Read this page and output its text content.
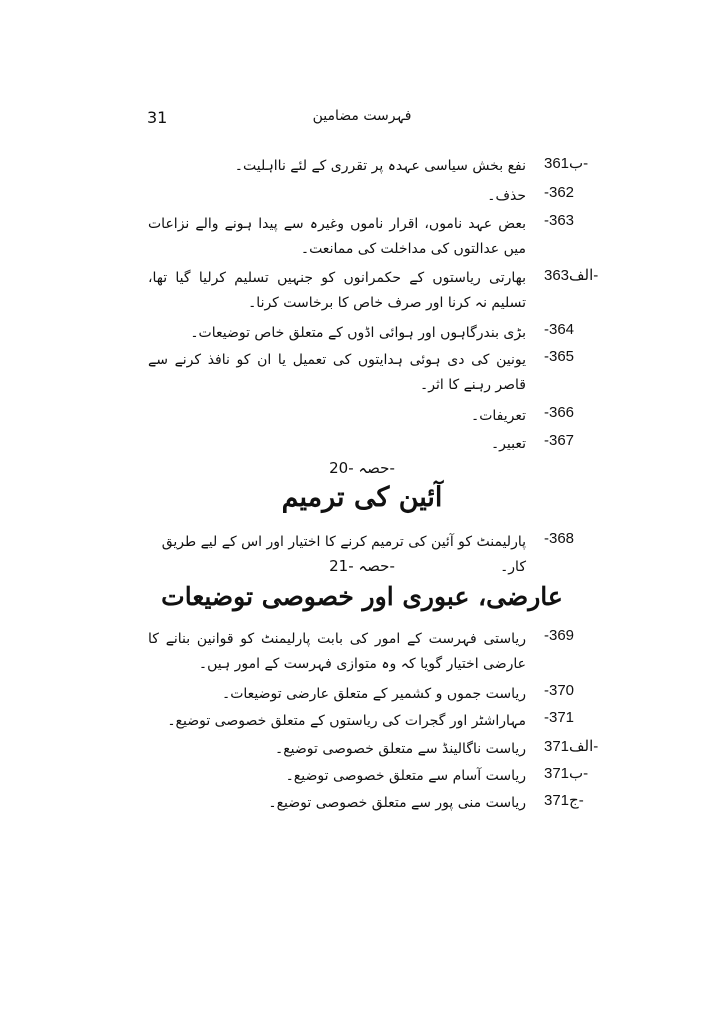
31	فہرست مضامین
361ب-
نفع بخش سیاسی عہدہ پر تقرری کے لئے نااہلیت۔
-362
حذف۔
-363
بعض عہد ناموں، اقرار ناموں وغیرہ سے پیدا ہونے والے نزاعات میں عدالتوں کی مداخلت کی ممانعت۔
363الف-
بھارتی ریاستوں کے حکمرانوں کو جنہیں تسلیم کرلیا گیا تھا، تسلیم نہ کرنا اور صرف خاص کا برخاست کرنا۔
-364
بڑی بندرگاہوں اور ہوائی اڈوں کے متعلق خاص توضیعات۔
-365
یونین کی دی ہوئی ہدایتوں کی تعمیل یا ان کو نافذ کرنے سے قاصر رہنے کا اثر۔
-366
تعریفات۔
-367
تعبیر۔
حصہ -20-
آئین کی ترمیم
-368
پارلیمنٹ کو آئین کی ترمیم کرنے کا اختیار اور اس کے لیے طریق کار۔
حصہ -21-
عارضی، عبوری اور خصوصی توضیعات
-369
ریاستی فہرست کے امور کی بابت پارلیمنٹ کو قوانین بنانے کا عارضی اختیار گویا کہ وہ متوازی فہرست کے امور ہیں۔
-370
ریاست جموں و کشمیر کے متعلق عارضی توضیعات۔
-371
مہاراشٹر اور گجرات کی ریاستوں کے متعلق خصوصی توضیع۔
371الف-
ریاست ناگالینڈ سے متعلق خصوصی توضیع۔
371ب-
ریاست آسام سے متعلق خصوصی توضیع۔
371ج-
ریاست منی پور سے متعلق خصوصی توضیع۔
